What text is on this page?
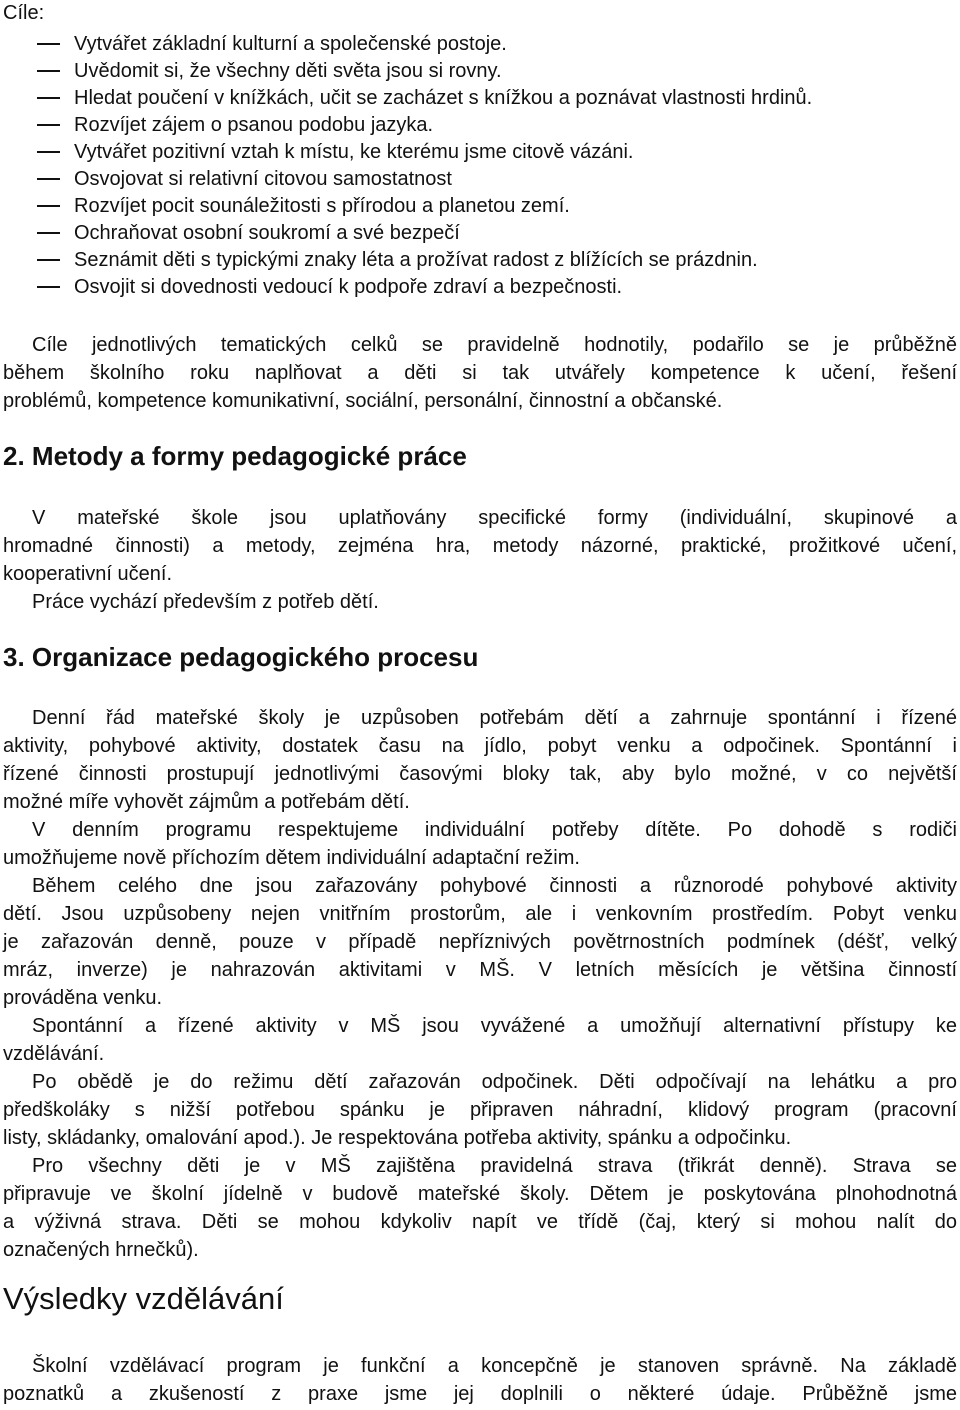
Cíle:
Vytvářet základní kulturní a společenské postoje.
Uvědomit si, že všechny děti světa jsou si rovny.
Hledat poučení v knížkách, učit se zacházet s knížkou a poznávat vlastnosti hrdinů.
Rozvíjet zájem o psanou podobu jazyka.
Vytvářet pozitivní vztah k místu, ke kterému jsme citově vázáni.
Osvojovat si relativní citovou samostatnost
Rozvíjet pocit sounáležitosti s přírodou a planetou zemí.
Ochraňovat osobní soukromí a své bezpečí
Seznámit děti s typickými znaky léta a prožívat radost z blížících se prázdnin.
Osvojit si dovednosti vedoucí k podpoře zdraví a bezpečnosti.
Cíle jednotlivých tematických celků se pravidelně hodnotily, podařilo se je průběžně
během školního roku naplňovat a děti si tak utvářely kompetence k učení, řešení
problémů, kompetence komunikativní, sociální, personální, činnostní a občanské.
2. Metody a formy pedagogické práce
V mateřské škole jsou uplatňovány specifické formy (individuální, skupinové a
hromadné činnosti) a metody, zejména hra, metody názorné, praktické, prožitkové učení,
kooperativní učení.
Práce vychází především z potřeb dětí.
3. Organizace pedagogického procesu
Denní řád mateřské školy je uzpůsoben potřebám dětí a zahrnuje spontánní i řízené
aktivity, pohybové aktivity, dostatek času na jídlo, pobyt venku a odpočinek. Spontánní i
řízené činnosti prostupují jednotlivými časovými bloky tak, aby bylo možné, v co největší
možné míře vyhovět zájmům a potřebám dětí.
V denním programu respektujeme individuální potřeby dítěte. Po dohodě s rodiči
umožňujeme nově příchozím dětem individuální adaptační režim.
Během celého dne jsou zařazovány pohybové činnosti a různorodé pohybové aktivity
dětí. Jsou uzpůsobeny nejen vnitřním prostorům, ale i venkovním prostředím. Pobyt venku
je zařazován denně, pouze v případě nepříznivých povětrnostních podmínek (déšť, velký
mráz, inverze) je nahrazován aktivitami v MŠ. V letních měsících je většina činností
prováděna venku.
Spontánní a řízené aktivity v MŠ jsou vyvážené a umožňují alternativní přístupy ke
vzdělávání.
Po obědě je do režimu dětí zařazován odpočinek. Děti odpočívají na lehátku a pro
předškoláky s nižší potřebou spánku je připraven náhradní, klidový program (pracovní
listy, skládanky, omalování apod.). Je respektována potřeba aktivity, spánku a odpočinku.
Pro všechny děti je v MŠ zajištěna pravidelná strava (třikrát denně). Strava se
připravuje ve školní jídelně v budově mateřské školy. Dětem je poskytována plnohodnotná
a výživná strava. Děti se mohou kdykoliv napít ve třídě (čaj, který si mohou nalít do
označených hrnečků).
Výsledky vzdělávání
Školní vzdělávací program je funkční a koncepčně je stanoven správně. Na základě
poznatků a zkušeností z praxe jsme jej doplnili o některé údaje. Průběžně jsme
